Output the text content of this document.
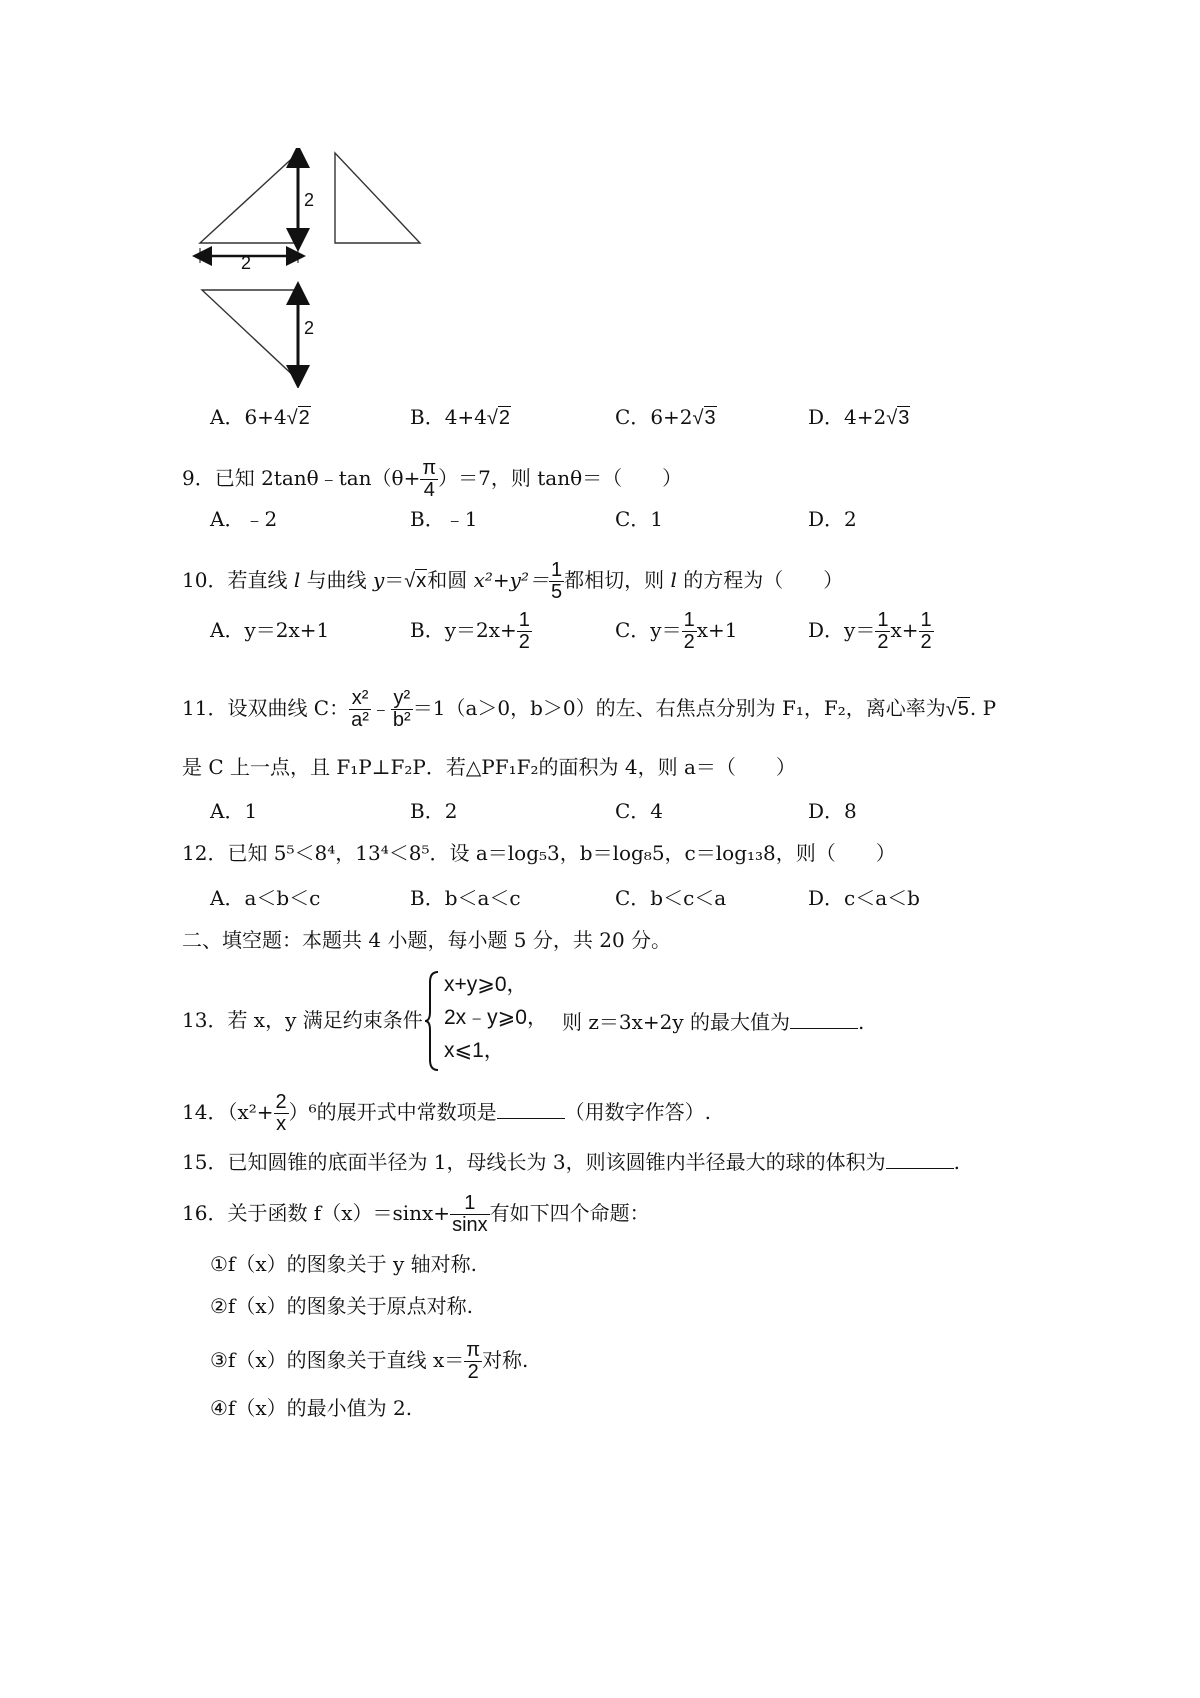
2
2
2
A．6+4√2	B．4+4√2	C．6+2√3	D．4+2√3
9．已知 2tanθ﹣tan（θ+ $\frac{\pi}{4} )=7$，则 tanθ＝（　　）
A．﹣2	B．﹣1	C．1	D．2
10．若直线 l 与曲线 y＝√x和圆 $x^2+y^2= \frac{1}{5}$ 都相切，则 l 的方程为（　　）
A．y＝2x+1	B．$y=2x+ \frac{1}{2}$	C．$y= \frac{1}{2} x+1$	D．$y= \frac{1}{2} x+ \frac{1}{2}$
11．设双曲线 C： $\frac{\text{x²}}{\text{a²}}$ ﹣ $\frac{\text{y²}}{\text{b²}} =1(a>0$，b＞0）的左、右焦点分别为 F₁，F₂，离心率为√5. P
是 C 上一点，且 F₁P⊥F₂P．若△PF₁F₂的面积为 4，则 a＝（　　）
A．1	B．2	C．4	D．8
12．已知 5⁵＜8⁴，13⁴＜8⁵．设 a＝log₅3，b＝log₈5，c＝log₁₃8，则（　　）
A．a＜b＜c	B．b＜a＜c	C．b＜c＜a	D．c＜a＜b
二、填空题：本题共 4 小题，每小题 5 分，共 20 分。
13．若 x，y 满足约束条件
x+y⩾0，
2x﹣y⩾0，
x⩽1，
则 z＝3x+2y 的最大值为	.
14．$(x^2+ \frac{2}{x} )^6$的展开式中常数项是	（用数字作答）.
15．已知圆锥的底面半径为 1，母线长为 3，则该圆锥内半径最大的球的体积为	.
16．关于函数 $f(x)=\sin x+ \frac{1}{\sin x}$ 有如下四个命题：
①f（x）的图象关于 y 轴对称.
②f（x）的图象关于原点对称.
③f（x）的图象关于直线 $x= \frac{\pi}{2}$ 对称.
④f（x）的最小值为 2.
